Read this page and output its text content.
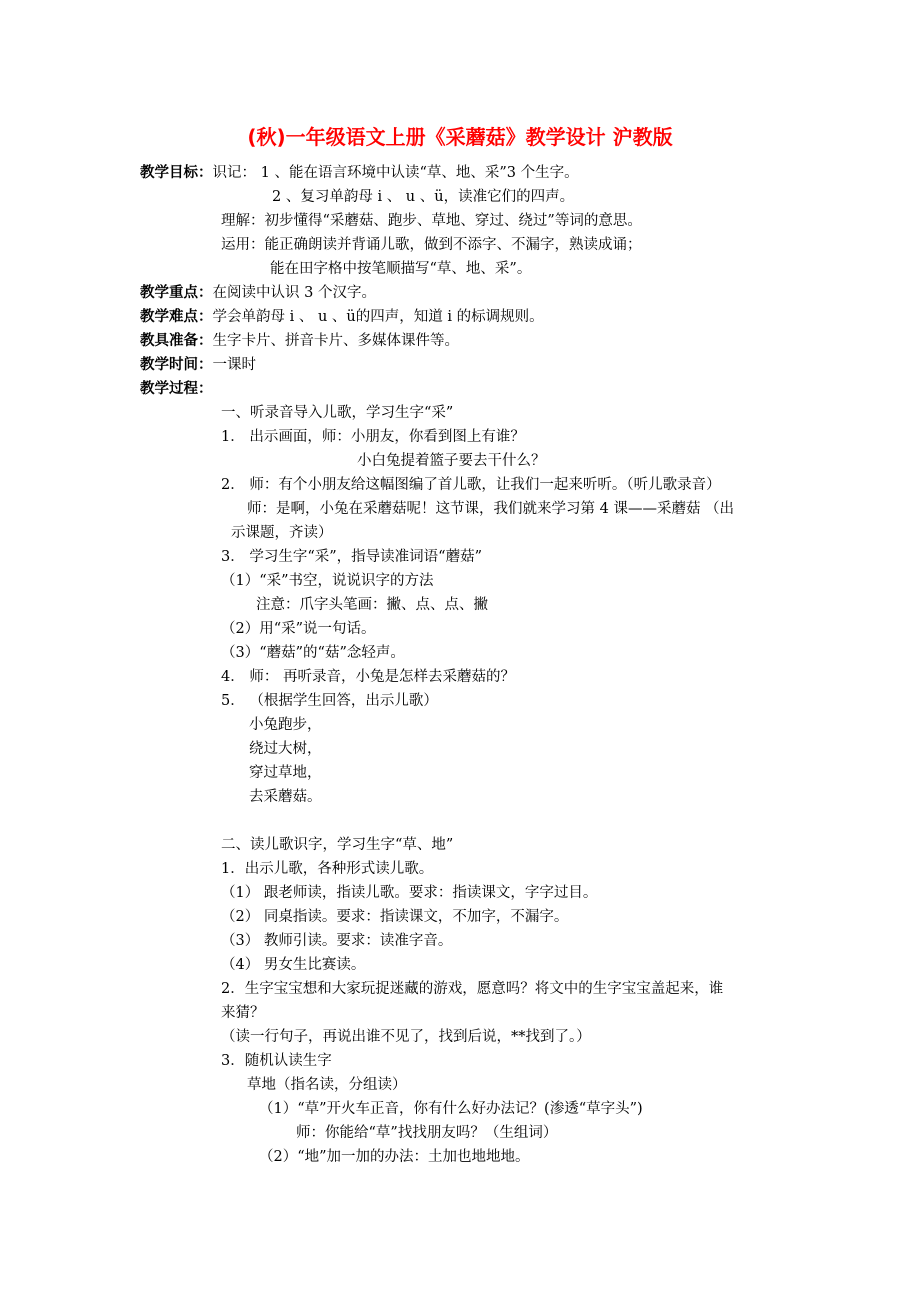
(秋)一年级语文上册《采蘑菇》教学设计 沪教版
教学目标：识记： 1 、能在语言环境中认读“草、地、采”3 个生字。
2 、复习单韵母 i 、 u 、ü，读准它们的四声。
理解：初步懂得“采蘑菇、跑步、草地、穿过、绕过”等词的意思。
运用：能正确朗读并背诵儿歌，做到不添字、不漏字，熟读成诵；
能在田字格中按笔顺描写“草、地、采”。
教学重点：在阅读中认识 3 个汉字。
教学难点：学会单韵母 i 、 u 、ü的四声，知道 i 的标调规则。
教具准备：生字卡片、拼音卡片、多媒体课件等。
教学时间：一课时
教学过程：
一、听录音导入儿歌，学习生字“采”
1． 出示画面，师：小朋友，你看到图上有谁？
小白兔提着篮子要去干什么？
2． 师：有个小朋友给这幅图编了首儿歌，让我们一起来听听。（听儿歌录音）
师：是啊，小兔在采蘑菇呢！这节课，我们就来学习第 4 课——采蘑菇 （出
示课题，齐读）
3． 学习生字“采”，指导读准词语“蘑菇”
（1）“采”书空，说说识字的方法
注意：爪字头笔画：撇、点、点、撇
（2）用“采”说一句话。
（3）“蘑菇”的“菇”念轻声。
4． 师： 再听录音，小兔是怎样去采蘑菇的？
5． （根据学生回答，出示儿歌）
小兔跑步，
绕过大树，
穿过草地，
去采蘑菇。
二、读儿歌识字，学习生字“草、地”
1．出示儿歌，各种形式读儿歌。
（1） 跟老师读，指读儿歌。要求：指读课文，字字过目。
（2） 同桌指读。要求：指读课文，不加字，不漏字。
（3） 教师引读。要求：读准字音。
（4） 男女生比赛读。
2．生字宝宝想和大家玩捉迷藏的游戏，愿意吗？将文中的生字宝宝盖起来，谁
来猜？
（读一行句子，再说出谁不见了，找到后说，**找到了。）
3．随机认读生字
草地（指名读，分组读）
（1）“草”开火车正音，你有什么好办法记？(渗透“草字头”)
师：你能给“草”找找朋友吗？（生组词）
（2）“地”加一加的办法：土加也地地地。
